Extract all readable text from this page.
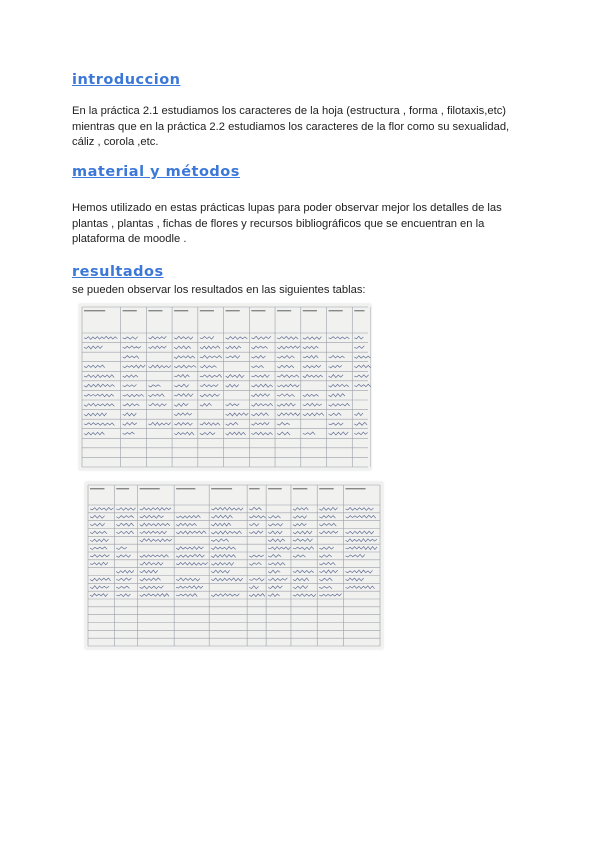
introduccion

En la práctica 2.1 estudiamos los caracteres de la hoja (estructura , forma , filotaxis,etc)

mientras que en la práctica 2.2 estudiamos los caracteres de la flor como su sexualidad,

cáliz , corola ,etc.

material y métodos

Hemos utilizado en estas prácticas lupas para poder observar mejor los detalles de las

plantas , plantas , fichas de flores y recursos bibliográficos que se encuentran en la

plataforma de moodle .

resultados

se pueden observar los resultados en las siguientes tablas:
